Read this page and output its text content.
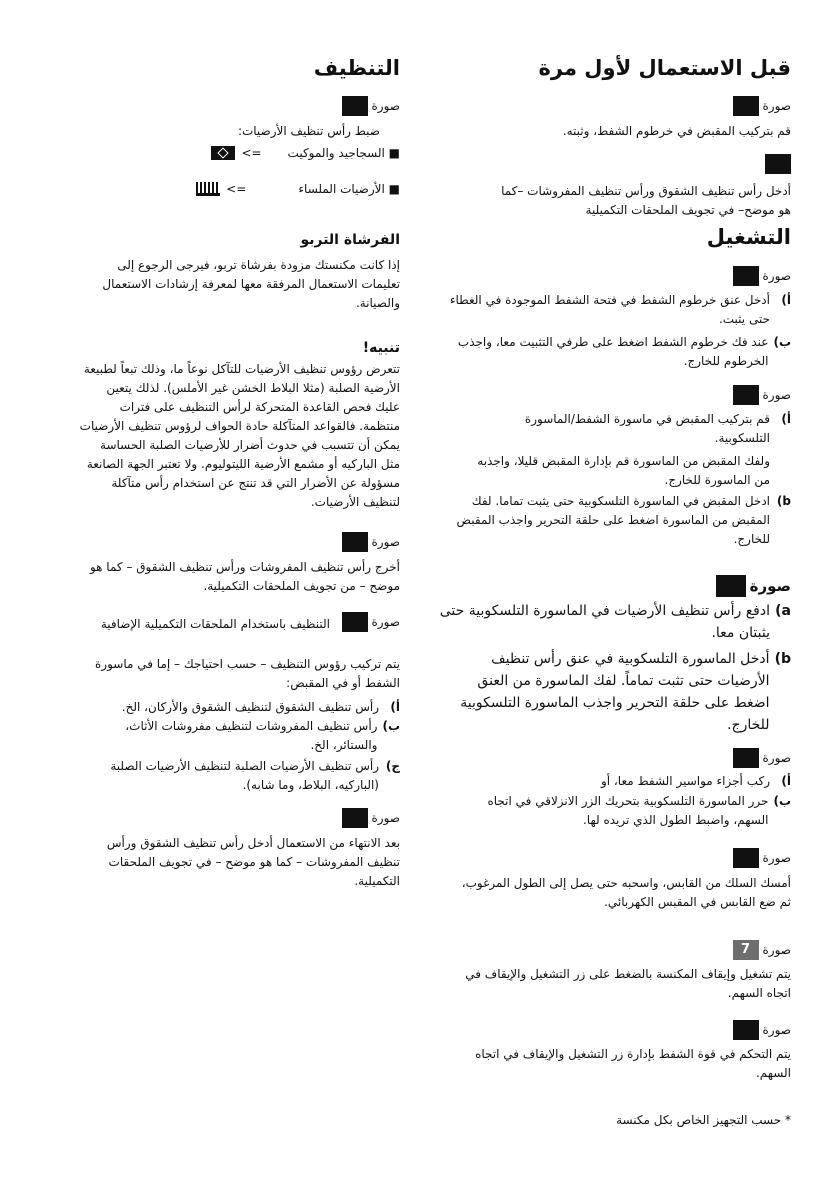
قبل الاستعمال لأول مرة
صورة
قم بتركيب المقبض في خرطوم الشفط، وثبته.
أدخل رأس تنظيف الشقوق ورأس تنظيف المفروشات –كما هو موضح– في تجويف الملحقات التكميلية
التشغيل
صورة
أ)
أدخل عنق خرطوم الشفط في فتحة الشفط الموجودة في الغطاء حتى يثبت.
ب)
عند فك خرطوم الشفط اضغط على طرفي التثبيت معا، واجذب الخرطوم للخارج.
صورة
أ)
قم بتركيب المقبض في ماسورة الشفط/الماسورة التلسكوبية.
ولفك المقبض من الماسورة قم بإدارة المقبض قليلا، واجذبه من الماسورة للخارج.
b)
ادخل المقبض في الماسورة التلسكوبية حتى يثبت تماما. لفك المقبض من الماسورة اضغط على حلقة التحرير واجذب المقبض للخارج.
صورة
a)
ادفع رأس تنظيف الأرضيات في الماسورة التلسكوبية حتى يثبتان معا.
b)
أدخل الماسورة التلسكوبية في عنق رأس تنظيف الأرضيات حتى تثبت تماماً. لفك الماسورة من العنق اضغط على حلقة التحرير واجذب الماسورة التلسكوبية للخارج.
صورة
أ)
ركب أجزاء مواسير الشفط معا، أو
ب)
حرر الماسورة التلسكوبية بتحريك الزر الانزلاقي في اتجاه السهم، واضبط الطول الذي تريده لها.
صورة
أمسك السلك من القابس، واسحبه حتى يصل إلى الطول المرغوب، ثم ضع القابس في المقبس الكهربائي.
صورة
7
يتم تشغيل وإيقاف المكنسة بالضغط على زر التشغيل والإيقاف في اتجاه السهم.
صورة
يتم التحكم في قوة الشفط بإدارة زر التشغيل والإيقاف في اتجاه السهم.
* حسب التجهيز الخاص بكل مكنسة
التنظيف
صورة
ضبط رأس تنظيف الأرضيات:
■ السجاجيد والموكيت
=>
■ الأرضيات الملساء
=>
الفرشاة التربو
إذا كانت مكنستك مزودة بفرشاة تربو، فيرجى الرجوع إلى تعليمات الاستعمال المرفقة معها لمعرفة إرشادات الاستعمال والصيانة.
تنبيه!
تتعرض رؤوس تنظيف الأرضيات للتآكل نوعاً ما، وذلك تبعاً لطبيعة الأرضية الصلبة (مثلا البلاط الخشن غير الأملس). لذلك يتعين عليك فحص القاعدة المتحركة لرأس التنظيف على فترات منتظمة. فالقواعد المتآكلة حادة الحواف لرؤوس تنظيف الأرضيات يمكن أن تتسبب في حدوث أضرار للأرضيات الصلبة الحساسة مثل الباركيه أو مشمع الأرضية الليتوليوم. ولا تعتبر الجهة الصانعة مسؤولة عن الأضرار التي قد تنتج عن استخدام رأس متآكلة لتنظيف الأرضيات.
صورة
أخرج رأس تنظيف المفروشات ورأس تنظيف الشقوق – كما هو موضح – من تجويف الملحقات التكميلية.
صورة
التنظيف باستخدام الملحقات التكميلية الإضافية
يتم تركيب رؤوس التنظيف – حسب احتياجك – إما في ماسورة الشفط أو في المقبض:
أ)
رأس تنظيف الشقوق لتنظيف الشقوق والأركان، الخ.
ب)
رأس تنظيف المفروشات لتنظيف مفروشات الأثاث، والستائر، الخ.
ج)
رأس تنظيف الأرضيات الصلبة لتنظيف الأرضيات الصلبة (الباركيه، البلاط، وما شابه).
صورة
بعد الانتهاء من الاستعمال أدخل رأس تنظيف الشقوق ورأس تنظيف المفروشات – كما هو موضح – في تجويف الملحقات التكميلية.
